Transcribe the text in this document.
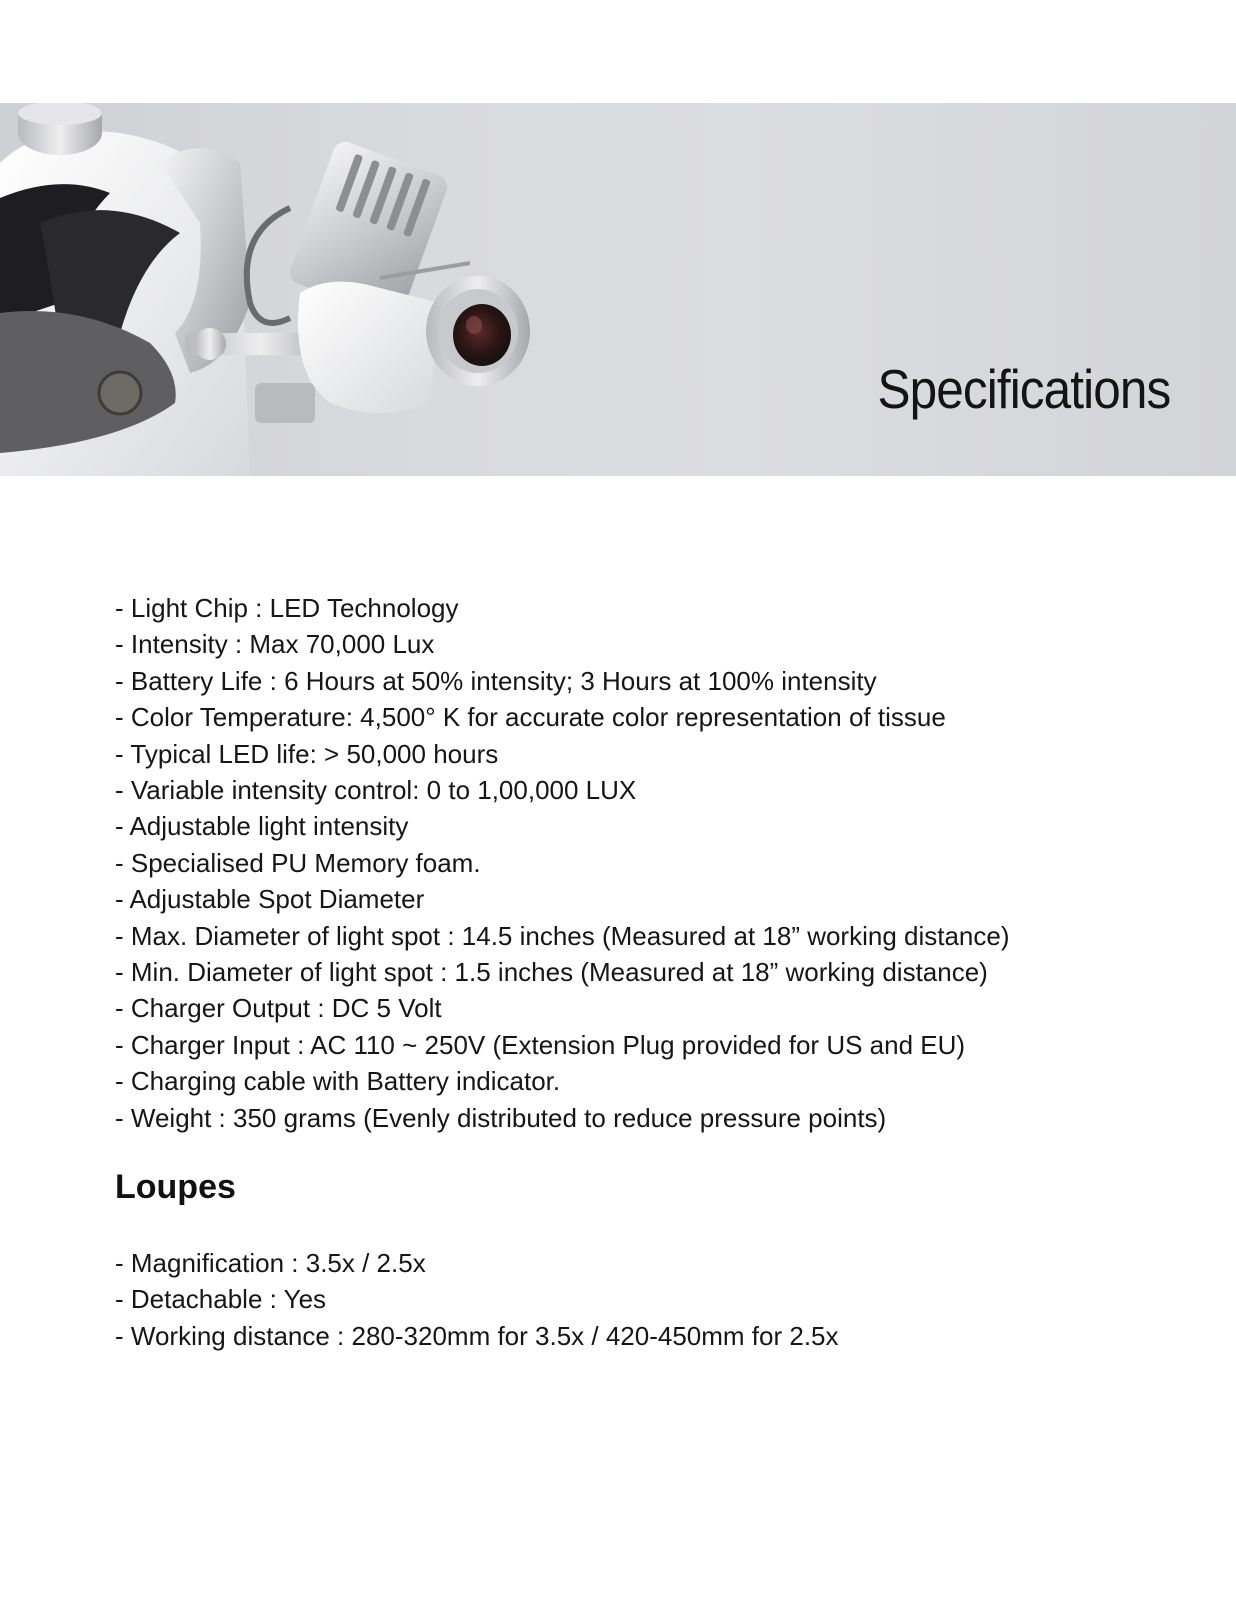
Specifications
- Light Chip : LED Technology
- Intensity : Max 70,000 Lux
- Battery Life : 6 Hours at 50% intensity; 3 Hours at 100% intensity
- Color Temperature: 4,500° K for accurate color representation of tissue
- Typical LED life: > 50,000 hours
- Variable intensity control: 0 to 1,00,000 LUX
- Adjustable light intensity
- Specialised PU Memory foam.
- Adjustable Spot Diameter
- Max. Diameter of light spot : 14.5 inches (Measured at 18” working distance)
- Min. Diameter of light spot : 1.5 inches (Measured at 18” working distance)
- Charger Output : DC 5 Volt
- Charger Input : AC 110 ~ 250V (Extension Plug provided for US and EU)
- Charging cable with Battery indicator.
- Weight : 350 grams (Evenly distributed to reduce pressure points)
Loupes
- Magnification : 3.5x / 2.5x
- Detachable : Yes
- Working distance : 280-320mm for 3.5x / 420-450mm for 2.5x
